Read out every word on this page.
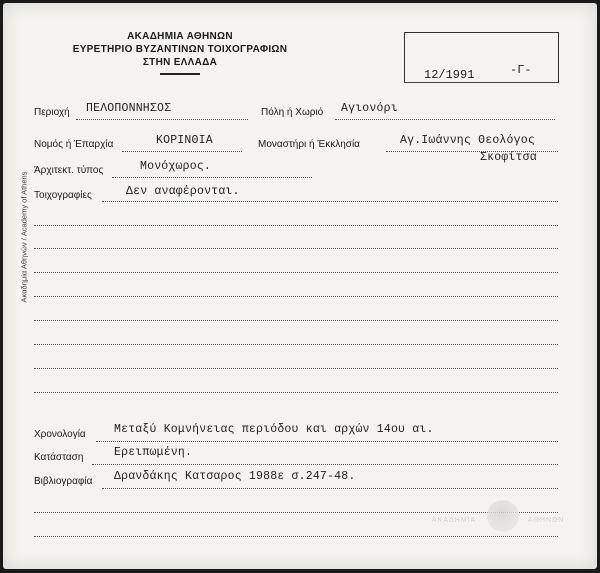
Ακαδημία Αθηνών / Academy of Athens
ΑΚΑΔΗΜΙΑ ΑΘΗΝΩΝ
ΕΥΡΕΤΗΡΙΟ ΒΥΖΑΝΤΙΝΩΝ ΤΟΙΧΟΓΡΑΦΙΩΝ
ΣΤΗΝ ΕΛΛΑΔΑ
12/1991	-Γ-
Περιοχή ΠΕΛΟΠΟΝΝΗΣΟΣ	Πόλη ή Χωριό Αγιονόρι
Νομός ή Έπαρχία	ΚΟΡΙΝΘΙΑ	Μοναστήρι ή Έκκλησία	Αγ.Ιωάννης Θεολόγος
Σκοφίτσα
Άρχιτεκτ. τύπος	Μονόχωρος.
Τοιχογραφίες	Δεν αναφέρονται.
Χρονολογία Μεταξύ Κομνήνειας περιόδου και αρχών 14ου αι.
Κατάσταση	Ερειπωμένη.
Βιβλιογραφία Δρανδάκης Κατσαρος 1988ε σ.247-48.
ΑΚΑΔΗΜΙΑ	ΑΘΗΝΩΝ
